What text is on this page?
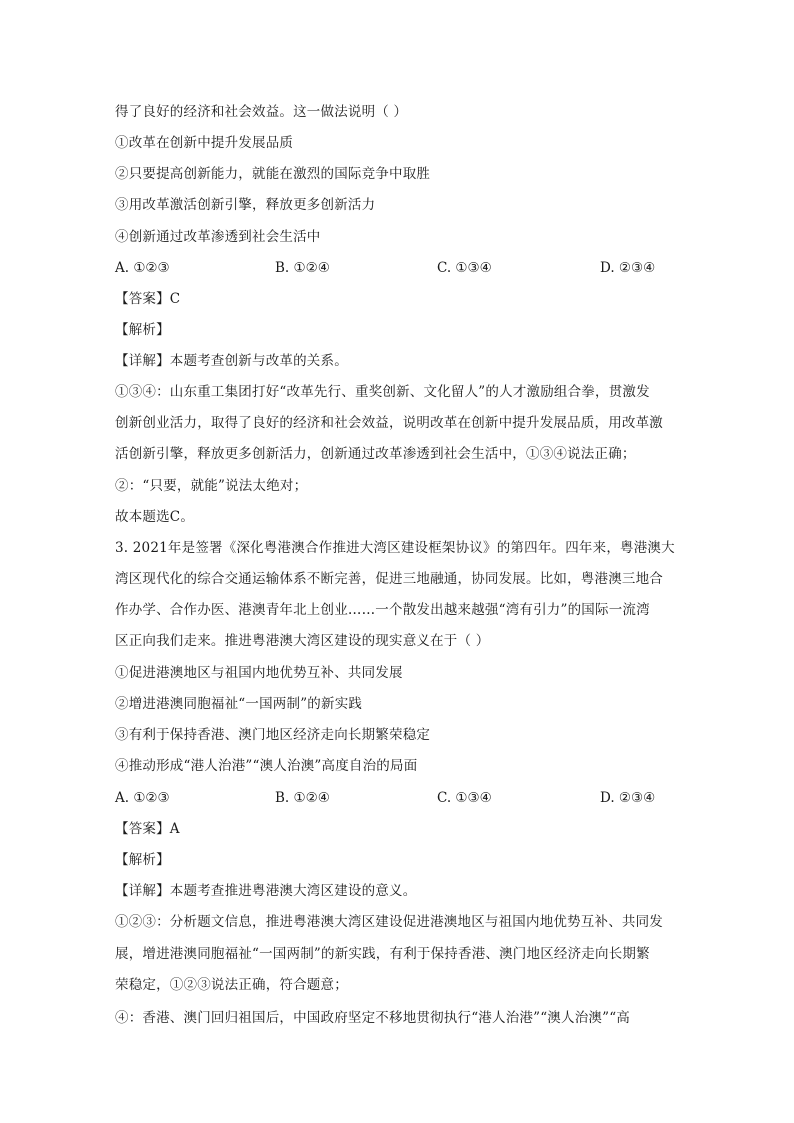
得了良好的经济和社会效益。这一做法说明（ ）
①改革在创新中提升发展品质
②只要提高创新能力，就能在激烈的国际竞争中取胜
③用改革激活创新引擎，释放更多创新活力
④创新通过改革渗透到社会生活中
A. ①②③	B. ①②④	C. ①③④	D. ②③④
【答案】C
【解析】
【详解】本题考查创新与改革的关系。
①③④：山东重工集团打好“改革先行、重奖创新、文化留人”的人才激励组合拳，贯激发
创新创业活力，取得了良好的经济和社会效益，说明改革在创新中提升发展品质，用改革激
活创新引擎，释放更多创新活力，创新通过改革渗透到社会生活中，①③④说法正确；
②：“只要，就能”说法太绝对；
故本题选C。
3. 2021年是签署《深化粤港澳合作推进大湾区建设框架协议》的第四年。四年来，粤港澳大
湾区现代化的综合交通运输体系不断完善，促进三地融通，协同发展。比如，粤港澳三地合
作办学、合作办医、港澳青年北上创业……一个散发出越来越强“湾有引力”的国际一流湾
区正向我们走来。推进粤港澳大湾区建设的现实意义在于（ ）
①促进港澳地区与祖国内地优势互补、共同发展
②增进港澳同胞福祉“一国两制”的新实践
③有利于保持香港、澳门地区经济走向长期繁荣稳定
④推动形成“港人治港”“澳人治澳”高度自治的局面
A. ①②③	B. ①②④	C. ①③④	D. ②③④
【答案】A
【解析】
【详解】本题考查推进粤港澳大湾区建设的意义。
①②③：分析题文信息，推进粤港澳大湾区建设促进港澳地区与祖国内地优势互补、共同发
展，增进港澳同胞福祉“一国两制”的新实践，有利于保持香港、澳门地区经济走向长期繁
荣稳定，①②③说法正确，符合题意；
④：香港、澳门回归祖国后，中国政府坚定不移地贯彻执行“港人治港”“澳人治澳”“高
